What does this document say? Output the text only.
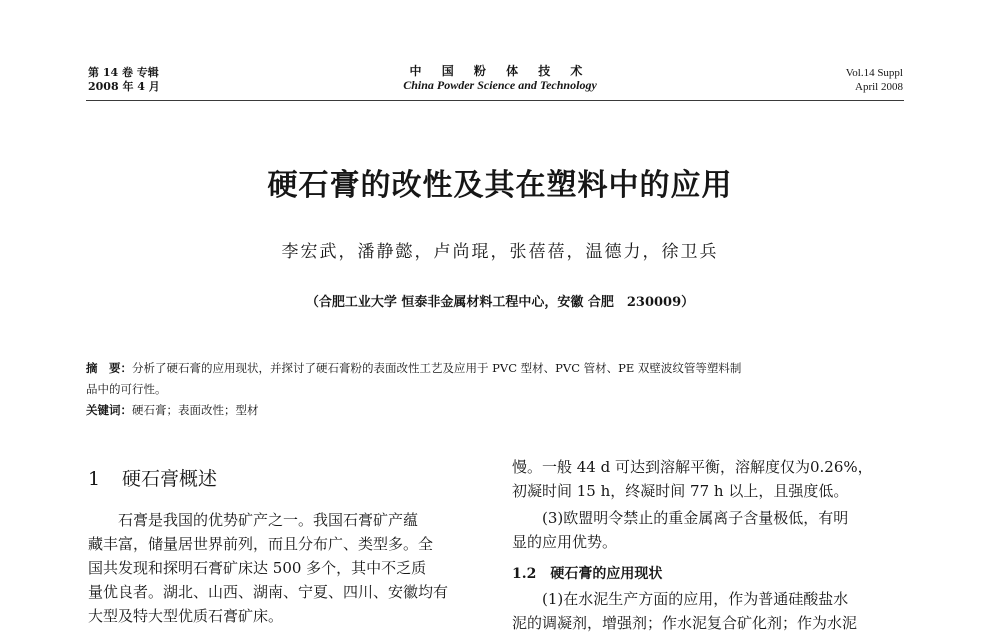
第 14 卷 专辑
2008 年 4 月
中 国 粉 体 技 术
China Powder Science and Technology
Vol.14 Suppl
April 2008
硬石膏的改性及其在塑料中的应用
李宏武，潘静懿，卢尚琨，张蓓蓓，温德力，徐卫兵
（合肥工业大学 恒泰非金属材料工程中心，安徽 合肥　230009）
摘　要：分析了硬石膏的应用现状，并探讨了硬石膏粉的表面改性工艺及应用于 PVC 型材、PVC 管材、PE 双壁波纹管等塑料制
品中的可行性。
关键词：硬石膏；表面改性；型材
1 硬石膏概述
　　石膏是我国的优势矿产之一。我国石膏矿产蕴
藏丰富，储量居世界前列，而且分布广、类型多。全
国共发现和探明石膏矿床达 500 多个，其中不乏质
量优良者。湖北、山西、湖南、宁夏、四川、安徽均有
大型及特大型优质石膏矿床。
慢。一般 44 d 可达到溶解平衡，溶解度仅为0.26%，
初凝时间 15 h，终凝时间 77 h 以上，且强度低。
　　(3)欧盟明令禁止的重金属离子含量极低，有明
显的应用优势。
1.2　硬石膏的应用现状
　　(1)在水泥生产方面的应用，作为普通硅酸盐水
泥的调凝剂，增强剂；作水泥复合矿化剂；作为水泥
